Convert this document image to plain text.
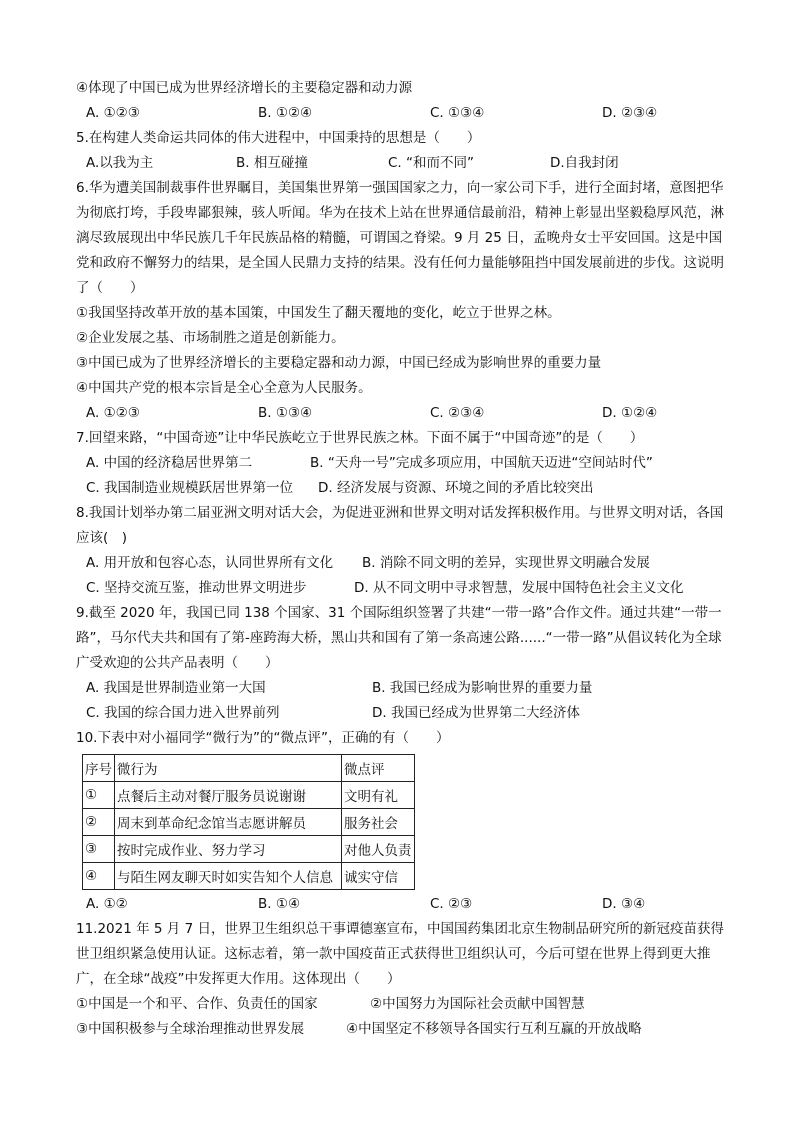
④体现了中国已成为世界经济增长的主要稳定器和动力源
A. ①②③	B. ①②④	C. ①③④	D. ②③④
5.在构建人类命运共同体的伟大进程中，中国秉持的思想是（　　）
A.以我为主	B. 相互碰撞	C. “和而不同”	D.自我封闭
6.华为遭美国制裁事件世界瞩目，美国集世界第一强国国家之力，向一家公司下手，进行全面封堵，意图把华为彻底打垮，手段卑鄙狠辣，骇人听闻。华为在技术上站在世界通信最前沿，精神上彰显出坚毅稳厚风范，淋漓尽致展现出中华民族几千年民族品格的精髓，可谓国之脊梁。9 月 25 日，孟晚舟女士平安回国。这是中国党和政府不懈努力的结果，是全国人民鼎力支持的结果。没有任何力量能够阻挡中国发展前进的步伐。这说明了（　　）
①我国坚持改革开放的基本国策，中国发生了翻天覆地的变化，屹立于世界之林。
②企业发展之基、市场制胜之道是创新能力。
③中国已成为了世界经济增长的主要稳定器和动力源，中国已经成为影响世界的重要力量
④中国共产党的根本宗旨是全心全意为人民服务。
A. ①②③	B. ①③④	C. ②③④	D. ①②④
7.回望来路，“中国奇迹”让中华民族屹立于世界民族之林。下面不属于“中国奇迹”的是（　　）
A. 中国的经济稳居世界第二	B. “天舟一号”完成多项应用，中国航天迈进“空间站时代”
C. 我国制造业规模跃居世界第一位	D. 经济发展与资源、环境之间的矛盾比较突出
8.我国计划举办第二届亚洲文明对话大会，为促进亚洲和世界文明对话发挥积极作用。与世界文明对话，各国应该(　)
A. 用开放和包容心态，认同世界所有文化	B. 消除不同文明的差异，实现世界文明融合发展
C. 坚持交流互鉴，推动世界文明进步	D. 从不同文明中寻求智慧，发展中国特色社会主义文化
9.截至 2020 年，我国已同 138 个国家、31 个国际组织签署了共建“一带一路”合作文件。通过共建“一带一路”，马尔代夫共和国有了第-座跨海大桥，黑山共和国有了第一条高速公路......“一带一路”从倡议转化为全球广受欢迎的公共产品表明（　　）
A. 我国是世界制造业第一大国	B. 我国已经成为影响世界的重要力量
C. 我国的综合国力进入世界前列	D. 我国已经成为世界第二大经济体
10.下表中对小福同学“微行为”的“微点评”，正确的有（　　）
序号	微行为	微点评
①	点餐后主动对餐厅服务员说谢谢	文明有礼
②	周末到革命纪念馆当志愿讲解员	服务社会
③	按时完成作业、努力学习	对他人负责
④	与陌生网友聊天时如实告知个人信息	诚实守信
A. ①②	B. ①④	C. ②③	D. ③④
11.2021 年 5 月 7 日，世界卫生组织总干事谭德塞宣布，中国国药集团北京生物制品研究所的新冠疫苗获得世卫组织紧急使用认证。这标志着，第一款中国疫苗正式获得世卫组织认可，今后可望在世界上得到更大推广，在全球“战疫”中发挥更大作用。这体现出（　　）
①中国是一个和平、合作、负责任的国家	②中国努力为国际社会贡献中国智慧
③中国积极参与全球治理推动世界发展	④中国坚定不移领导各国实行互利互赢的开放战略
